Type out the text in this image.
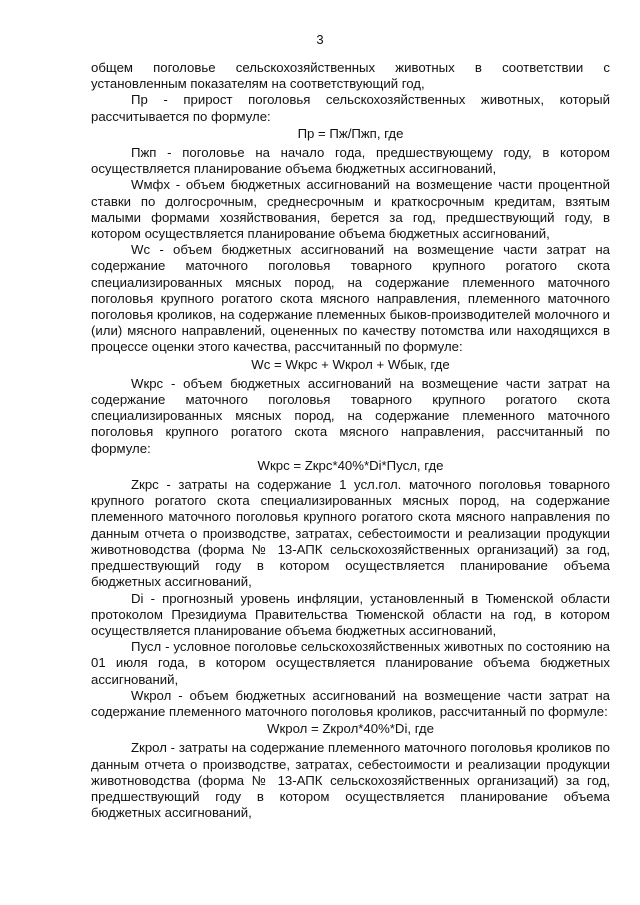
3

общем поголовье сельскохозяйственных животных в соответствии с установленным показателям на соответствующий год,

Пр - прирост поголовья сельскохозяйственных животных, который рассчитывается по формуле:

Пр = Пж/Пжп, где

Пжп - поголовье на начало года, предшествующему году, в котором осуществляется планирование объема бюджетных ассигнований,

Wмфх - объем бюджетных ассигнований на возмещение части процентной ставки по долгосрочным, среднесрочным и краткосрочным кредитам, взятым малыми формами хозяйствования, берется за год, предшествующий году, в котором осуществляется планирование объема бюджетных ассигнований,

Wс - объем бюджетных ассигнований на возмещение части затрат на содержание маточного поголовья товарного крупного рогатого скота специализированных мясных пород, на содержание племенного маточного поголовья крупного рогатого скота мясного направления, племенного маточного поголовья кроликов, на содержание племенных быков-производителей молочного и (или) мясного направлений, оцененных по качеству потомства или находящихся в процессе оценки этого качества, рассчитанный по формуле:

Wс = Wкрс + Wкрол + Wбык, где

Wкрс - объем бюджетных ассигнований на возмещение части затрат на содержание маточного поголовья товарного крупного рогатого скота специализированных мясных пород, на содержание племенного маточного поголовья крупного рогатого скота мясного направления, рассчитанный по формуле:

Wкрс = Zкрс*40%*Di*Пусл, где

Zкрс - затраты на содержание 1 усл.гол. маточного поголовья товарного крупного рогатого скота специализированных мясных пород, на содержание племенного маточного поголовья крупного рогатого скота мясного направления по данным отчета о производстве, затратах, себестоимости и реализации продукции животноводства (форма № 13-АПК сельскохозяйственных организаций) за год, предшествующий году в котором осуществляется планирование объема бюджетных ассигнований,

Di - прогнозный уровень инфляции, установленный в Тюменской области протоколом Президиума Правительства Тюменской области на год, в котором осуществляется планирование объема бюджетных ассигнований,

Пусл - условное поголовье сельскохозяйственных животных по состоянию на 01 июля года, в котором осуществляется планирование объема бюджетных ассигнований,

Wкрол - объем бюджетных ассигнований на возмещение части затрат на содержание племенного маточного поголовья кроликов, рассчитанный по формуле:

Wкрол = Zкрол*40%*Di, где

Zкрол - затраты на содержание племенного маточного поголовья кроликов по данным отчета о производстве, затратах, себестоимости и реализации продукции животноводства (форма № 13-АПК сельскохозяйственных организаций) за год, предшествующий году в котором осуществляется планирование объема бюджетных ассигнований,
